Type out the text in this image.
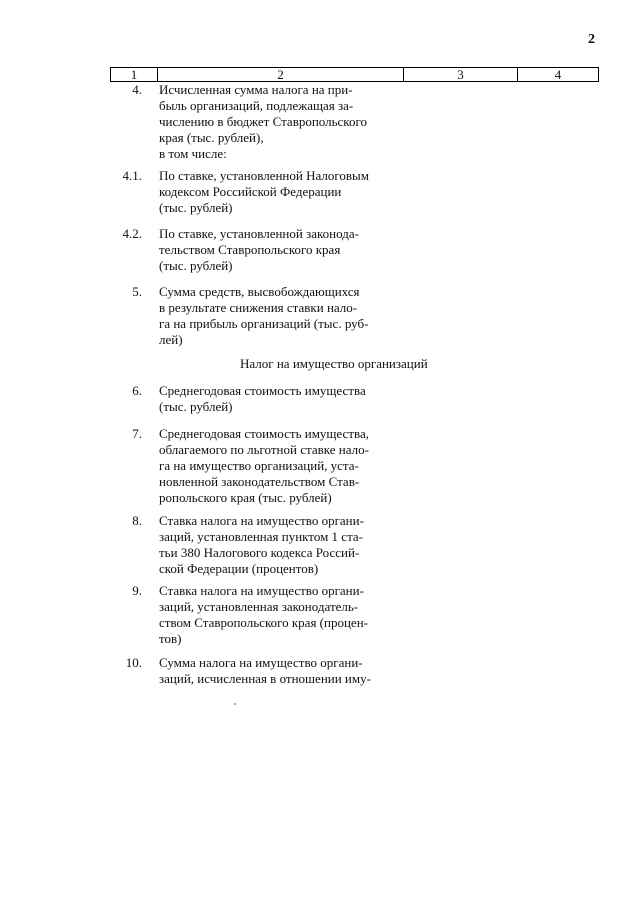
2
1	2	3	4
4. Исчисленная сумма налога на при-
быль организаций, подлежащая за-
числению в бюджет Ставропольского
края (тыс. рублей),
в том числе:
4.1. По ставке, установленной Налоговым
кодексом Российской Федерации
(тыс. рублей)
4.2. По ставке, установленной законода-
тельством Ставропольского края
(тыс. рублей)
5. Сумма средств, высвобождающихся
в результате снижения ставки нало-
га на прибыль организаций (тыс. руб-
лей)
Налог на имущество организаций
6. Среднегодовая стоимость имущества
(тыс. рублей)
7. Среднегодовая стоимость имущества,
облагаемого по льготной ставке нало-
га на имущество организаций, уста-
новленной законодательством Став-
ропольского края (тыс. рублей)
8. Ставка налога на имущество органи-
заций, установленная пунктом 1 ста-
тьи 380 Налогового кодекса Россий-
ской Федерации (процентов)
9. Ставка налога на имущество органи-
заций, установленная законодатель-
ством Ставропольского края (процен-
тов)
10. Сумма налога на имущество органи-
заций, исчисленная в отношении иму-
